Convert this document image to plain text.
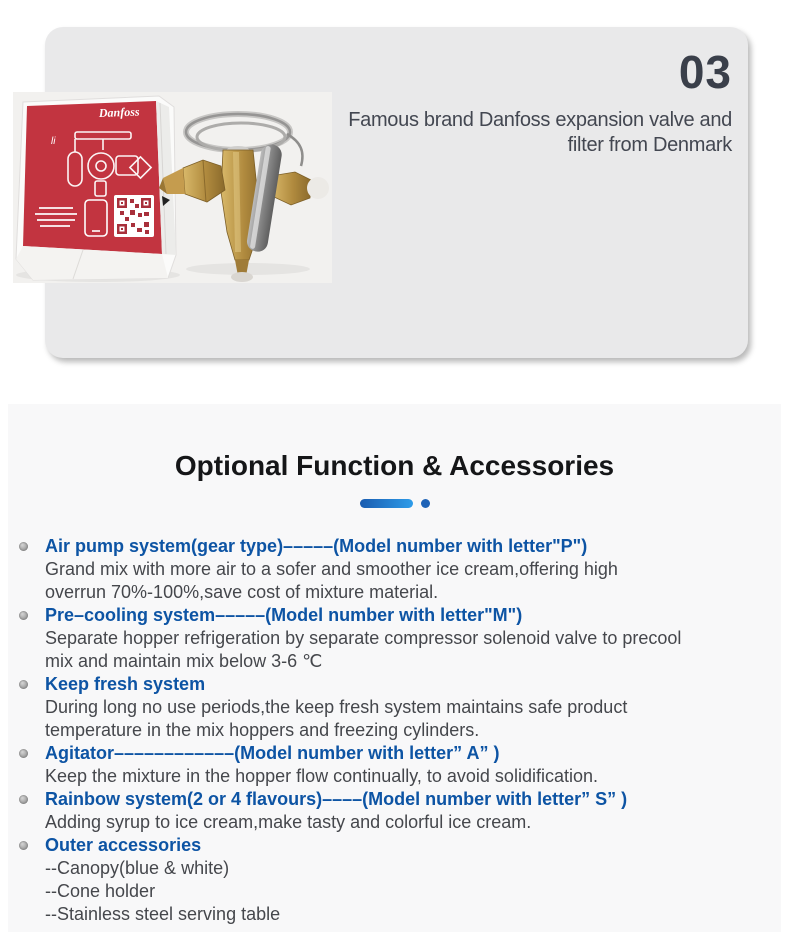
03
Famous brand Danfoss expansion valve and
filter from Denmark
Danfoss
li
Optional Function & Accessories
Air pump system(gear type)–––––(Model number with letter"P")
Grand mix with more air to a sofer and smoother ice cream,offering high
overrun 70%-100%,save cost of mixture material.
Pre–cooling system–––––(Model number with letter"M")
Separate hopper refrigeration by separate compressor solenoid valve to precool
mix and maintain mix below 3-6 ℃
Keep fresh system
During long no use periods,the keep fresh system maintains safe product
temperature in the mix hoppers and freezing cylinders.
Agitator––––––––––––(Model number with letter” A” )
Keep the mixture in the hopper flow continually, to avoid solidification.
Rainbow system(2 or 4 flavours)––––(Model number with letter” S” )
Adding syrup to ice cream,make tasty and colorful ice cream.
Outer accessories
--Canopy(blue & white)
--Cone holder
--Stainless steel serving table
